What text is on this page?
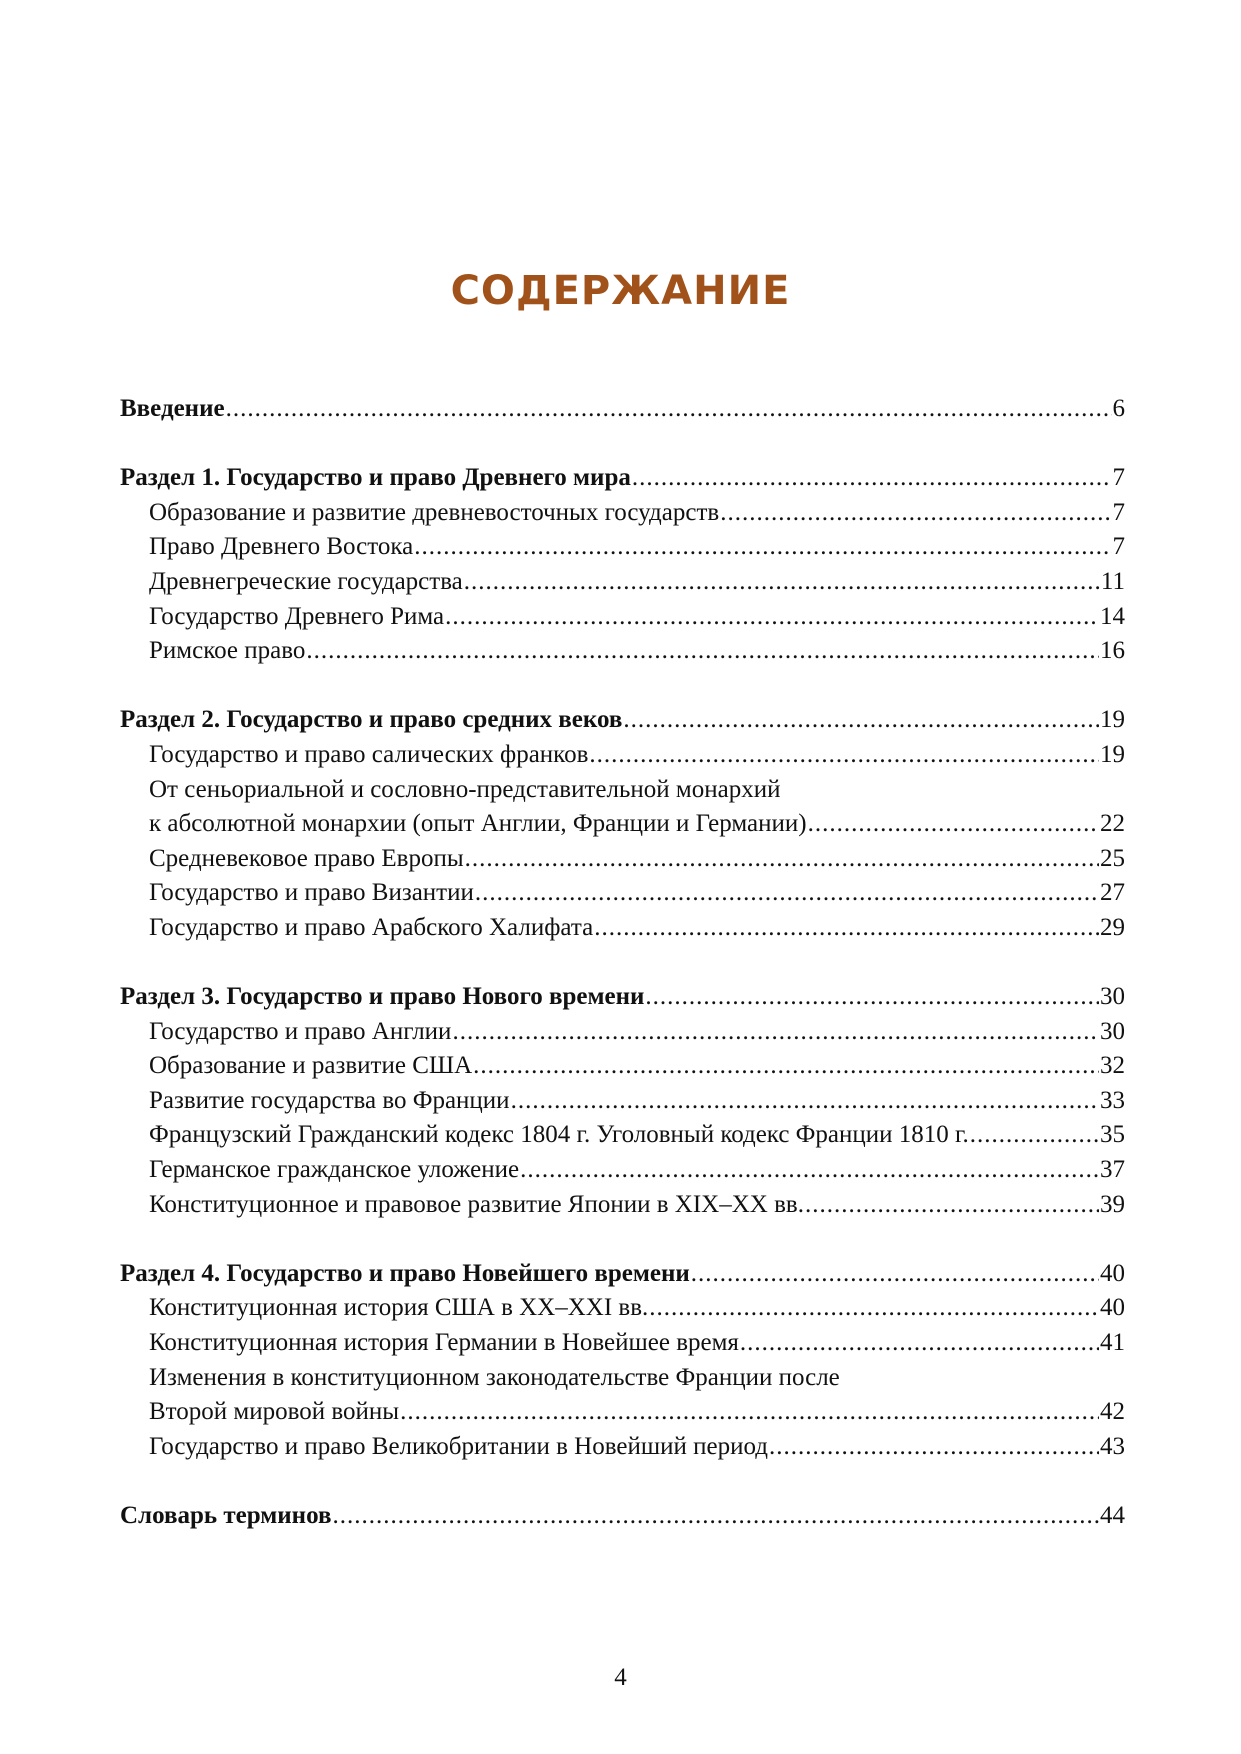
СОДЕРЖАНИЕ
Введение .....	6
Раздел 1. Государство и право Древнего мира .....	7
Образование и развитие древневосточных государств .....	7
Право Древнего Востока .....	7
Древнегреческие государства .....	11
Государство Древнего Рима .....	14
Римское право .....	16
Раздел 2. Государство и право средних веков .....	19
Государство и право салических франков .....	19
От сеньориальной и сословно-представительной монархий
к абсолютной монархии (опыт Англии, Франции и Германии) .....	22
Средневековое право Европы .....	25
Государство и право Византии .....	27
Государство и право Арабского Халифата .....	29
Раздел 3. Государство и право Нового времени .....	30
Государство и право Англии .....	30
Образование и развитие США .....	32
Развитие государства во Франции .....	33
Французский Гражданский кодекс 1804 г. Уголовный кодекс Франции 1810 г. .....	35
Германское гражданское уложение .....	37
Конституционное и правовое развитие Японии в XIX–XX вв. .....	39
Раздел 4. Государство и право Новейшего времени .....	40
Конституционная история США в XX–XXI вв. .....	40
Конституционная история Германии в Новейшее время .....	41
Изменения в конституционном законодательстве Франции после
Второй мировой войны .....	42
Государство и право Великобритании в Новейший период .....	43
Словарь терминов .....	44
4
